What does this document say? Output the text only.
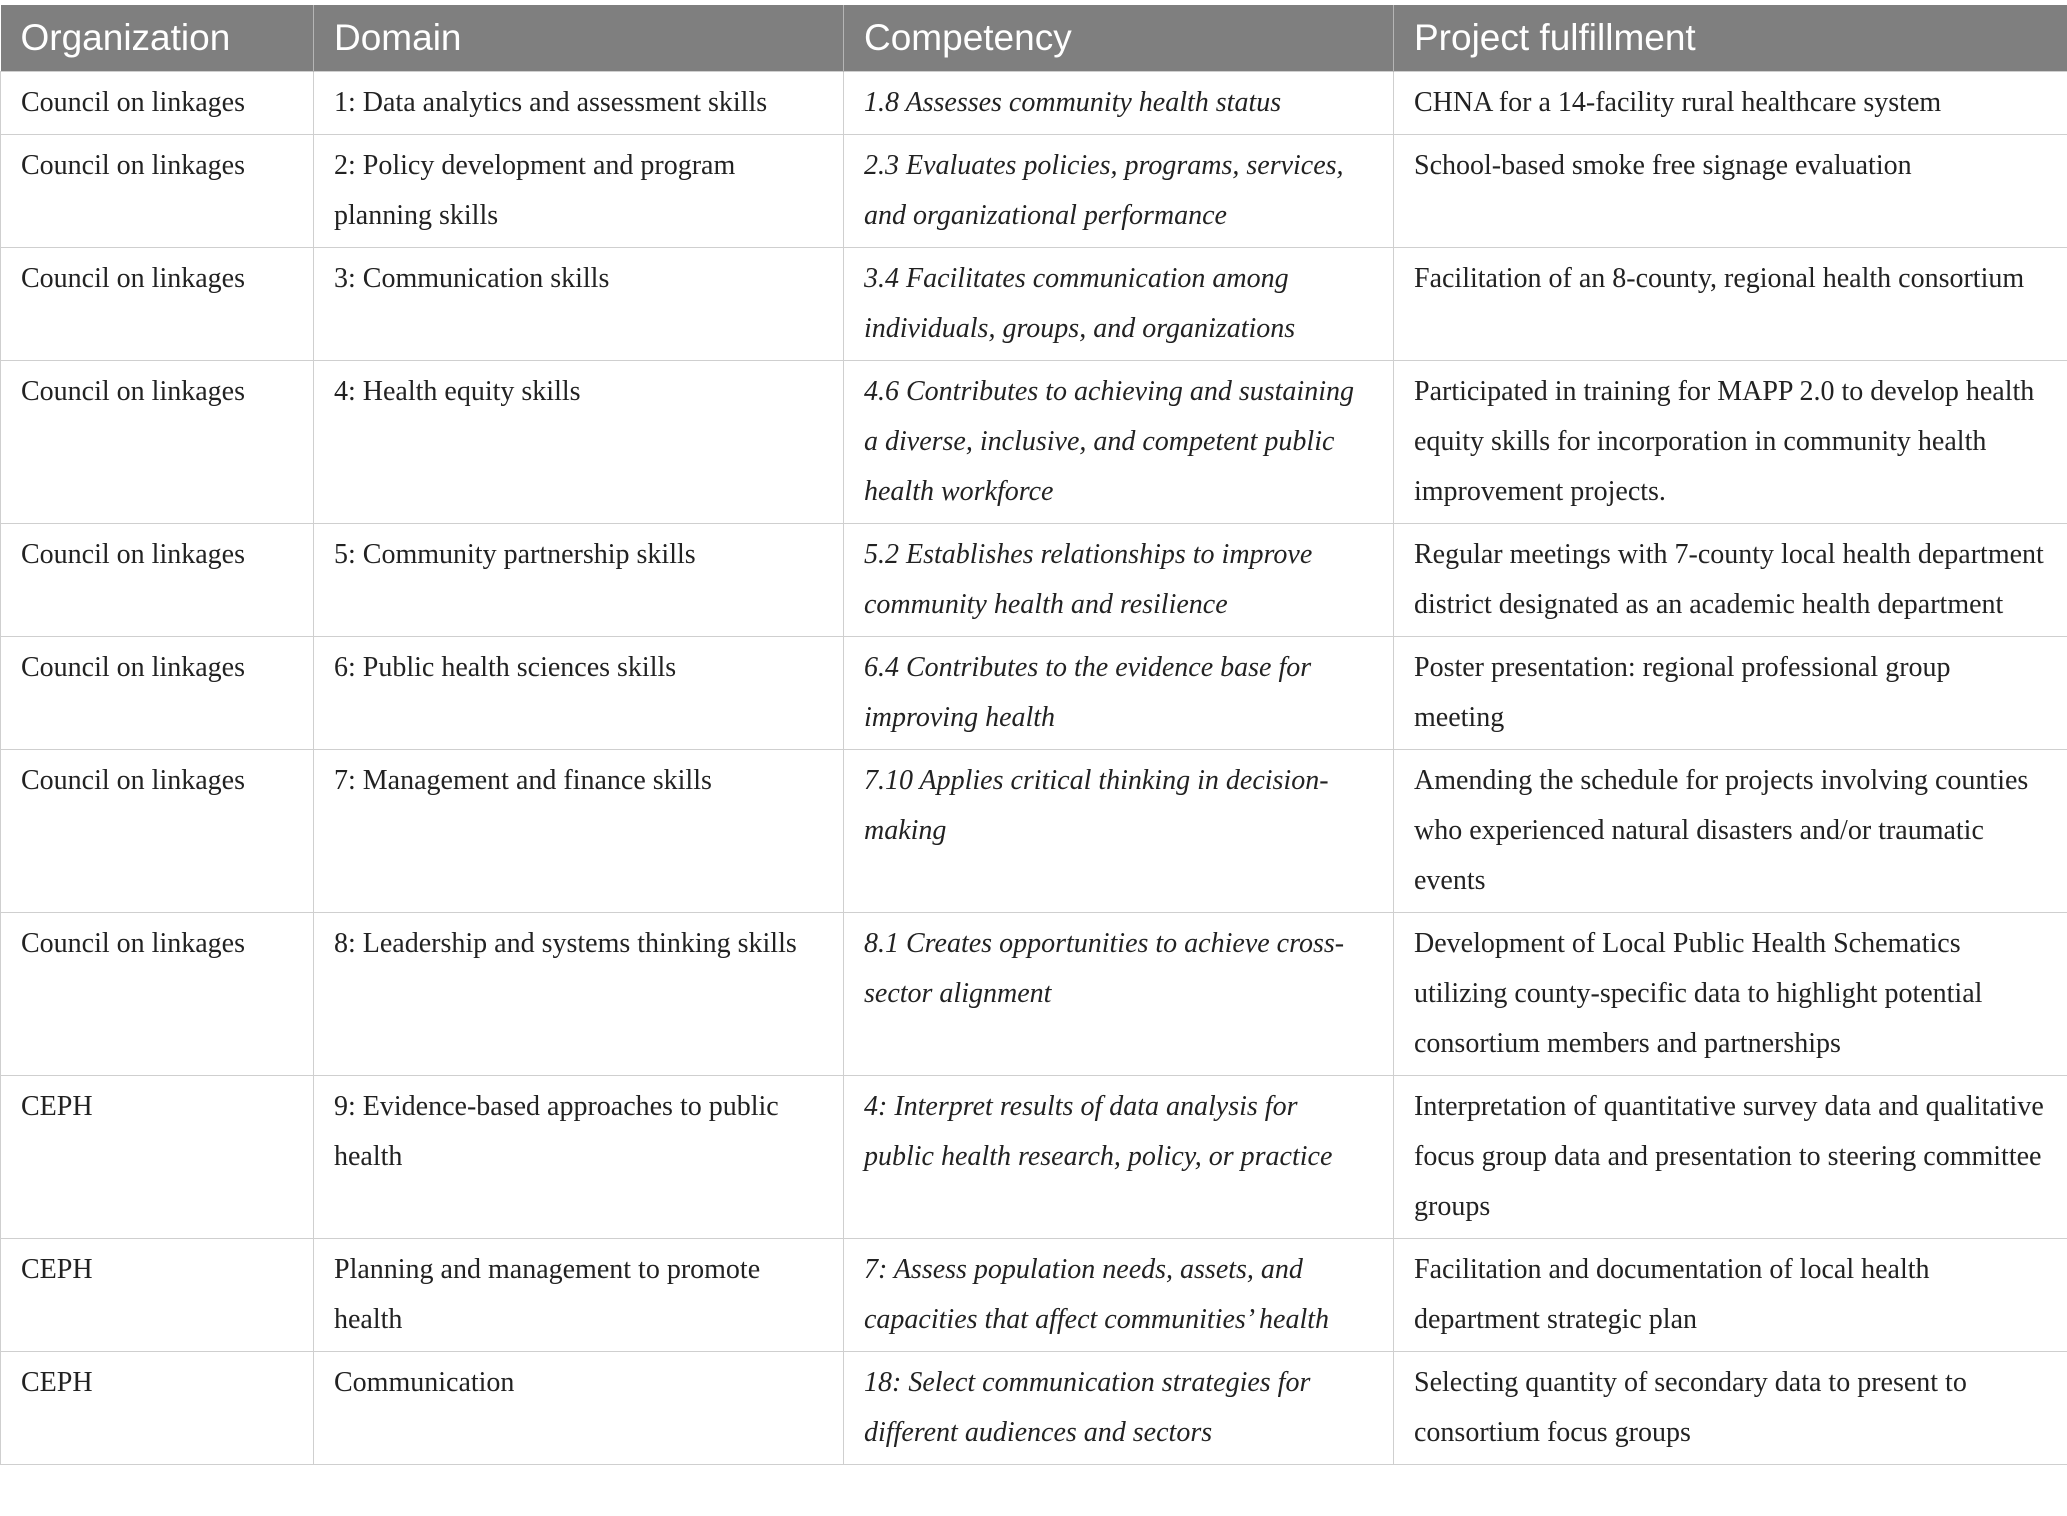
Organization	Domain	Competency	Project fulfillment
Council on linkages	1: Data analytics and assessment skills	1.8 Assesses community health status	CHNA for a 14-facility rural healthcare system
Council on linkages	2: Policy development and program planning skills	2.3 Evaluates policies, programs, services, and organizational performance	School-based smoke free signage evaluation
Council on linkages	3: Communication skills	3.4 Facilitates communication among individuals, groups, and organizations	Facilitation of an 8-county, regional health consortium
Council on linkages	4: Health equity skills	4.6 Contributes to achieving and sustaining a diverse, inclusive, and competent public health workforce	Participated in training for MAPP 2.0 to develop health equity skills for incorporation in community health improvement projects.
Council on linkages	5: Community partnership skills	5.2 Establishes relationships to improve community health and resilience	Regular meetings with 7-county local health department district designated as an academic health department
Council on linkages	6: Public health sciences skills	6.4 Contributes to the evidence base for improving health	Poster presentation: regional professional group meeting
Council on linkages	7: Management and finance skills	7.10 Applies critical thinking in decision-making	Amending the schedule for projects involving counties who experienced natural disasters and/or traumatic events
Council on linkages	8: Leadership and systems thinking skills	8.1 Creates opportunities to achieve cross-sector alignment	Development of Local Public Health Schematics utilizing county-specific data to highlight potential consortium members and partnerships
CEPH	9: Evidence-based approaches to public health	4: Interpret results of data analysis for public health research, policy, or practice	Interpretation of quantitative survey data and qualitative focus group data and presentation to steering committee groups
CEPH	Planning and management to promote health	7: Assess population needs, assets, and capacities that affect communities’ health	Facilitation and documentation of local health department strategic plan
CEPH	Communication	18: Select communication strategies for different audiences and sectors	Selecting quantity of secondary data to present to consortium focus groups
